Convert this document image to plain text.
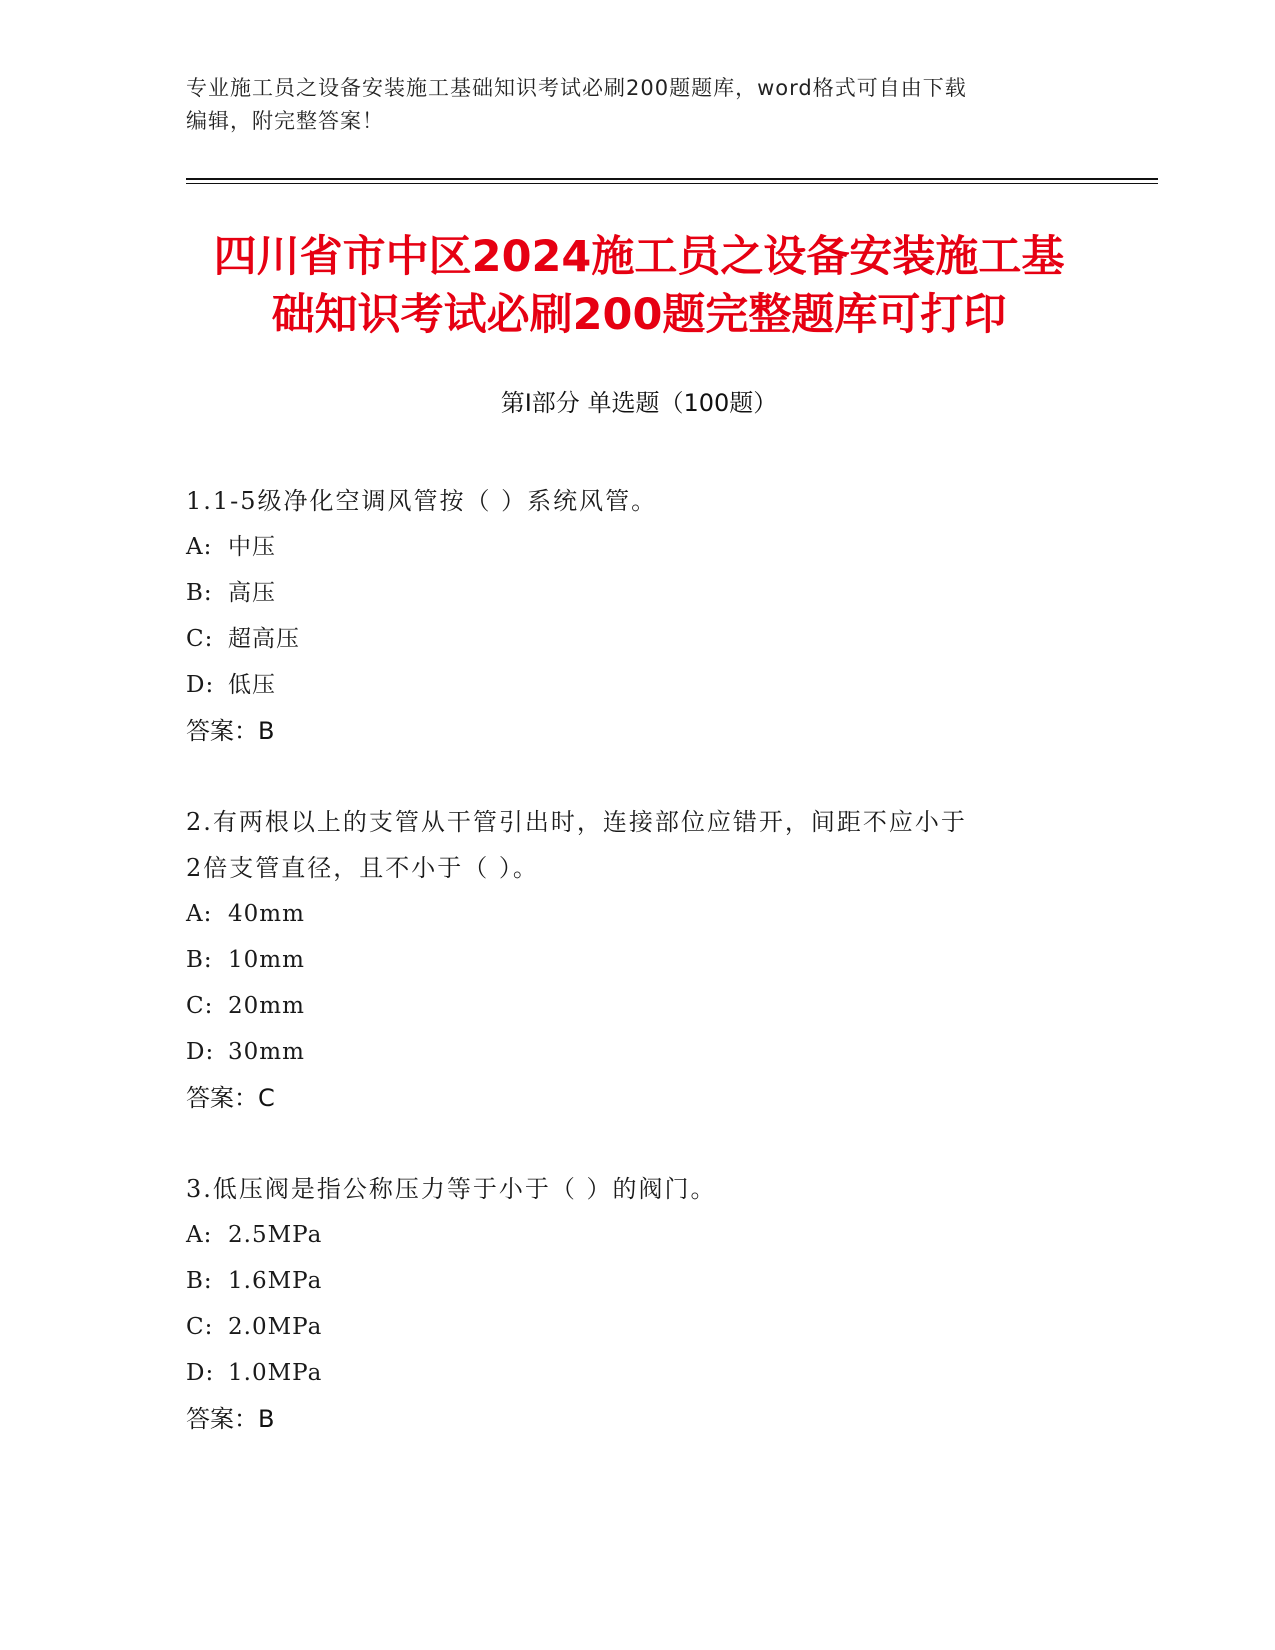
专业施工员之设备安装施工基础知识考试必刷200题题库，word格式可自由下载
编辑，附完整答案！
四川省市中区2024施工员之设备安装施工基
础知识考试必刷200题完整题库可打印
第Ⅰ部分 单选题（100题）

1.1-5级净化空调风管按（ ）系统风管。

A: 中压
B: 高压
C: 超高压
D: 低压
答案：B

2.有两根以上的支管从干管引出时，连接部位应错开，间距不应小于

2倍支管直径，且不小于（ ）。

A: 40mm
B: 10mm
C: 20mm
D: 30mm
答案：C

3.低压阀是指公称压力等于小于（ ）的阀门。

A: 2.5MPa
B: 1.6MPa
C: 2.0MPa
D: 1.0MPa
答案：B
